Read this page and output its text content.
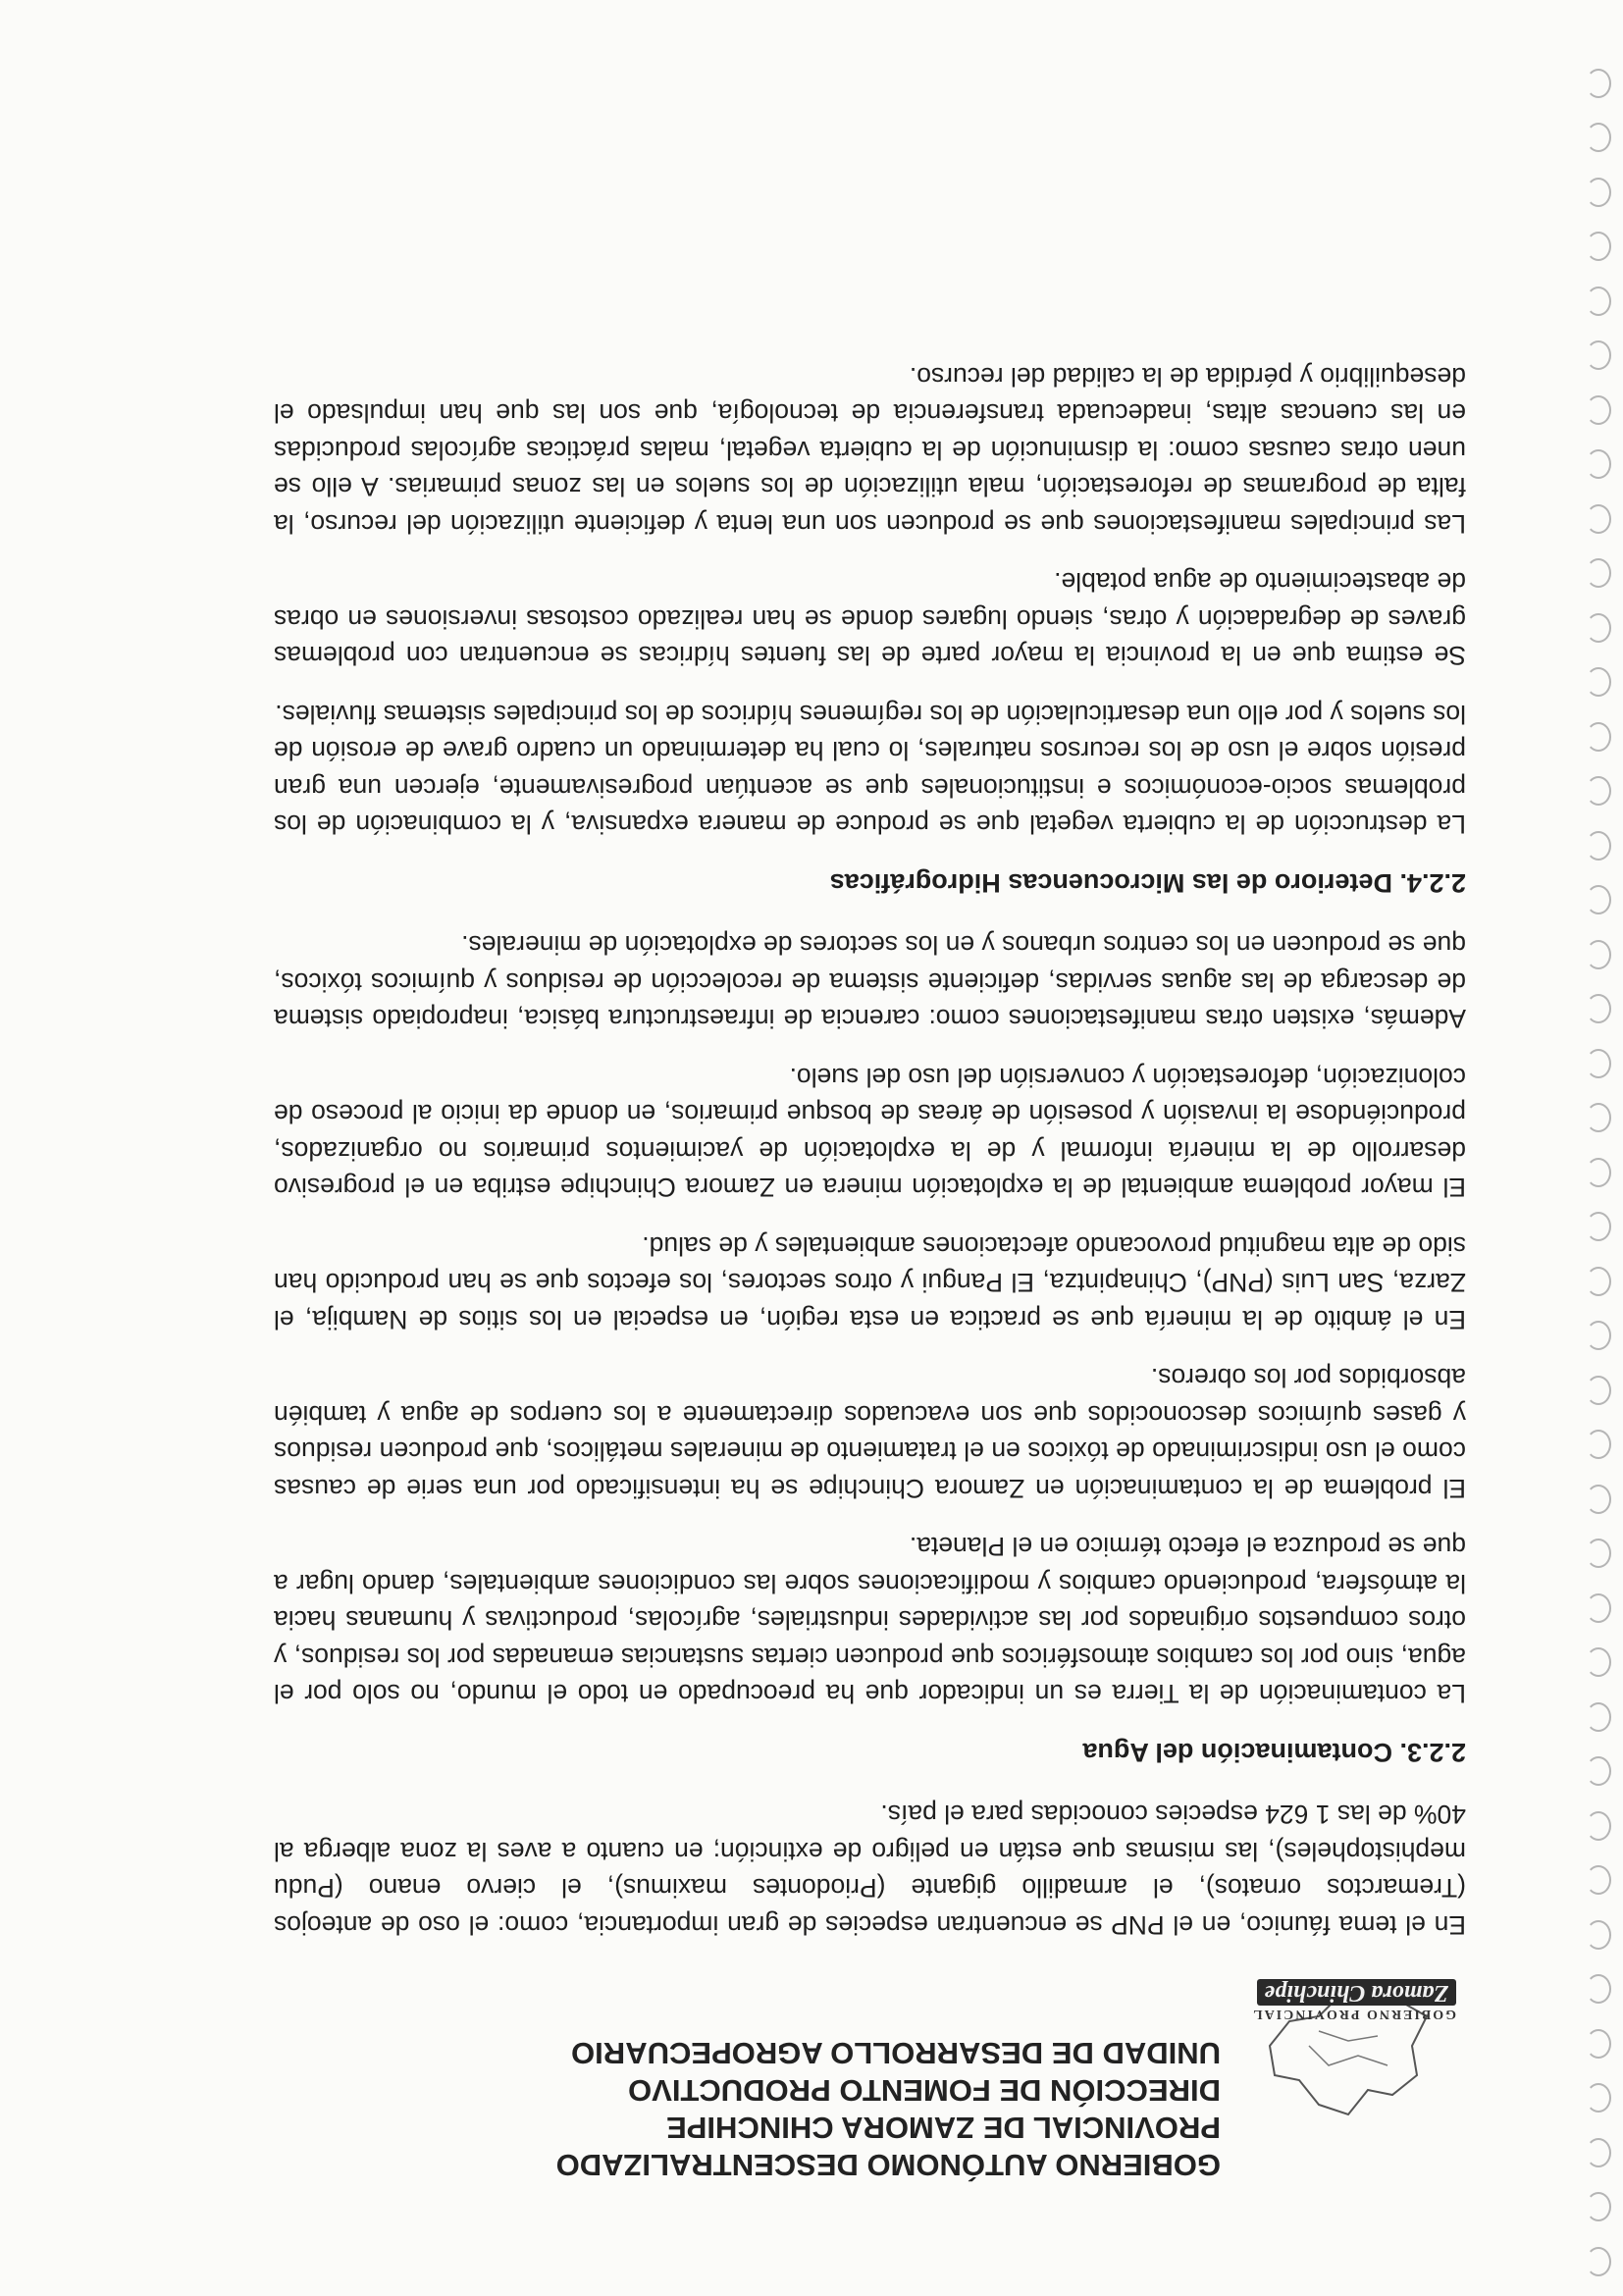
GOBIERNO AUTÓNOMO DESCENTRALIZADO
PROVINCIAL DE ZAMORA CHINCHIPE
DIRECCIÓN DE FOMENTO PRODUCTIVO
UNIDAD DE DESARROLLO AGROPECUARIO
GOBIERNO PROVINCIAL
Zamora Chinchipe

En el tema fáunico, en el PNP se encuentran especies de gran importancia, como: el oso de anteojos (Tremarctos ornatos), el armadillo gigante (Priodontes maximus), el ciervo enano (Pudu mephistopheles), las mismas que están en peligro de extinción; en cuanto a aves la zona alberga al 40% de las 1 624 especies conocidas para el país.

2.2.3. Contaminación del Agua

La contaminación de la Tierra es un indicador que ha preocupado en todo el mundo, no solo por el agua, sino por los cambios atmosféricos que producen ciertas sustancias emanadas por los residuos, y otros compuestos originados por las actividades industriales, agrícolas, productivas y humanas hacia la atmósfera, produciendo cambios y modificaciones sobre las condiciones ambientales, dando lugar a que se produzca el efecto térmico en el Planeta.

El problema de la contaminación en Zamora Chinchipe se ha intensificado por una serie de causas como el uso indiscriminado de tóxicos en el tratamiento de minerales metálicos, que producen residuos y gases químicos desconocidos que son evacuados directamente a los cuerpos de agua y también absorbidos por los obreros.

En el ámbito de la minería que se practica en esta región, en especial en los sitios de Nambija, el Zarza, San Luis (PNP), Chinapintza, El Pangui y otros sectores, los efectos que se han producido han sido de alta magnitud provocando afectaciones ambientales y de salud.

El mayor problema ambiental de la explotación minera en Zamora Chinchipe estriba en el progresivo desarrollo de la minería informal y de la explotación de yacimientos primarios no organizados, produciéndose la invasión y posesión de áreas de bosque primarios, en donde da inicio al proceso de colonización, deforestación y conversión del uso del suelo.

Además, existen otras manifestaciones como: carencia de infraestructura básica, inapropiado sistema de descarga de las aguas servidas, deficiente sistema de recolección de residuos y químicos tóxicos, que se producen en los centros urbanos y en los sectores de explotación de minerales.

2.2.4. Deterioro de las Microcuencas Hidrográficas

La destrucción de la cubierta vegetal que se produce de manera expansiva, y la combinación de los problemas socio-económicos e institucionales que se acentúan progresivamente, ejercen una gran presión sobre el uso de los recursos naturales, lo cual ha determinado un cuadro grave de erosión de los suelos y por ello una desarticulación de los regímenes hídricos de los principales sistemas fluviales.

Se estima que en la provincia la mayor parte de las fuentes hídricas se encuentran con problemas graves de degradación y otras, siendo lugares donde se han realizado costosas inversiones en obras de abastecimiento de agua potable.

Las principales manifestaciones que se producen son una lenta y deficiente utilización del recurso, la falta de programas de reforestación, mala utilización de los suelos en las zonas primarias. A ello se unen otras causas como: la disminución de la cubierta vegetal, malas prácticas agrícolas producidas en las cuencas altas, inadecuada transferencia de tecnología, que son las que han impulsado el desequilibrio y pérdida de la calidad del recurso.
